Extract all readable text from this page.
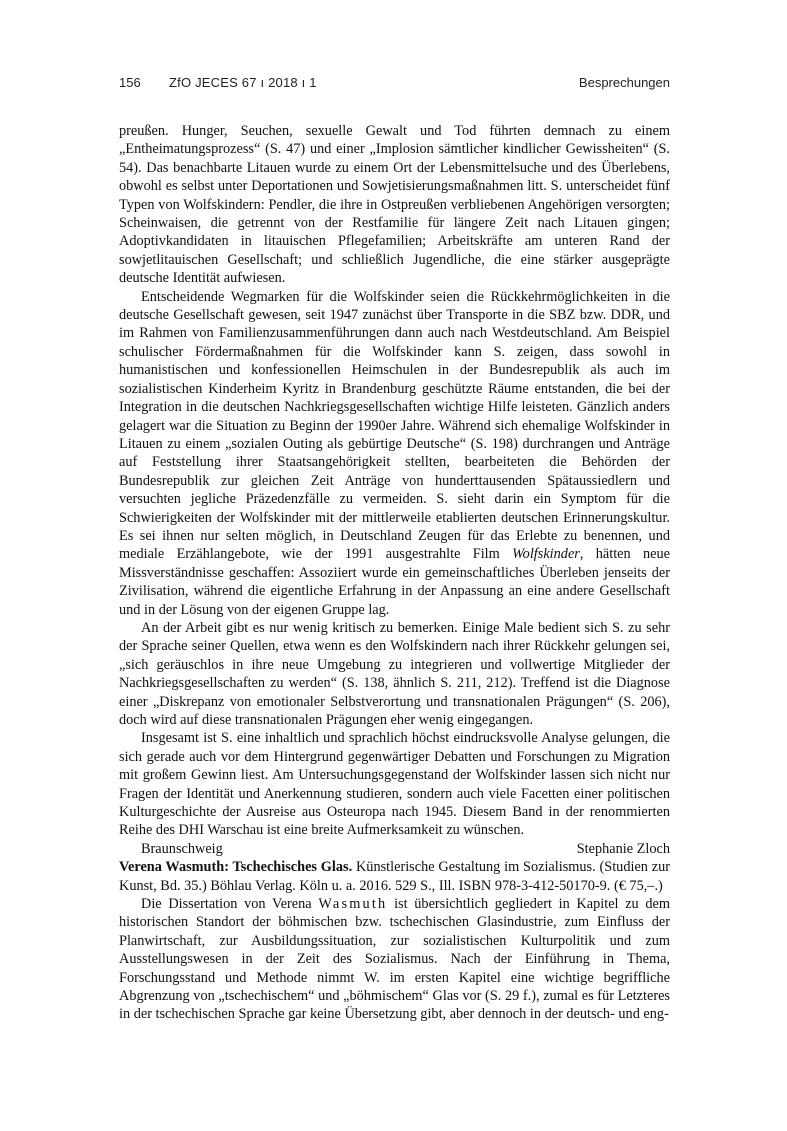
156 ZfO JECES 67 ı 2018 ı 1	Besprechungen

preußen. Hunger, Seuchen, sexuelle Gewalt und Tod führten demnach zu einem „Entheimatungsprozess“ (S. 47) und einer „Implosion sämtlicher kindlicher Gewissheiten“ (S. 54). Das benachbarte Litauen wurde zu einem Ort der Lebensmittelsuche und des Überlebens, obwohl es selbst unter Deportationen und Sowjetisierungsmaßnahmen litt. S. unterscheidet fünf Typen von Wolfskindern: Pendler, die ihre in Ostpreußen verbliebenen Angehörigen versorgten; Scheinwaisen, die getrennt von der Restfamilie für längere Zeit nach Litauen gingen; Adoptivkandidaten in litauischen Pflegefamilien; Arbeitskräfte am unteren Rand der sowjetlitauischen Gesellschaft; und schließlich Jugendliche, die eine stärker ausgeprägte deutsche Identität aufwiesen.

Entscheidende Wegmarken für die Wolfskinder seien die Rückkehrmöglichkeiten in die deutsche Gesellschaft gewesen, seit 1947 zunächst über Transporte in die SBZ bzw. DDR, und im Rahmen von Familienzusammenführungen dann auch nach Westdeutschland. Am Beispiel schulischer Fördermaßnahmen für die Wolfskinder kann S. zeigen, dass sowohl in humanistischen und konfessionellen Heimschulen in der Bundesrepublik als auch im sozialistischen Kinderheim Kyritz in Brandenburg geschützte Räume entstanden, die bei der Integration in die deutschen Nachkriegsgesellschaften wichtige Hilfe leisteten. Gänzlich anders gelagert war die Situation zu Beginn der 1990er Jahre. Während sich ehemalige Wolfskinder in Litauen zu einem „sozialen Outing als gebürtige Deutsche“ (S. 198) durchrangen und Anträge auf Feststellung ihrer Staatsangehörigkeit stellten, bearbeiteten die Behörden der Bundesrepublik zur gleichen Zeit Anträge von hunderttausenden Spätaussiedlern und versuchten jegliche Präzedenzfälle zu vermeiden. S. sieht darin ein Symptom für die Schwierigkeiten der Wolfskinder mit der mittlerweile etablierten deutschen Erinnerungskultur. Es sei ihnen nur selten möglich, in Deutschland Zeugen für das Erlebte zu benennen, und mediale Erzählangebote, wie der 1991 ausgestrahlte Film Wolfskinder, hätten neue Missverständnisse geschaffen: Assoziiert wurde ein gemeinschaftliches Überleben jenseits der Zivilisation, während die eigentliche Erfahrung in der Anpassung an eine andere Gesellschaft und in der Lösung von der eigenen Gruppe lag.

An der Arbeit gibt es nur wenig kritisch zu bemerken. Einige Male bedient sich S. zu sehr der Sprache seiner Quellen, etwa wenn es den Wolfskindern nach ihrer Rückkehr gelungen sei, „sich geräuschlos in ihre neue Umgebung zu integrieren und vollwertige Mitglieder der Nachkriegsgesellschaften zu werden“ (S. 138, ähnlich S. 211, 212). Treffend ist die Diagnose einer „Diskrepanz von emotionaler Selbstverortung und transnationalen Prägungen“ (S. 206), doch wird auf diese transnationalen Prägungen eher wenig eingegangen.

Insgesamt ist S. eine inhaltlich und sprachlich höchst eindrucksvolle Analyse gelungen, die sich gerade auch vor dem Hintergrund gegenwärtiger Debatten und Forschungen zu Migration mit großem Gewinn liest. Am Untersuchungsgegenstand der Wolfskinder lassen sich nicht nur Fragen der Identität und Anerkennung studieren, sondern auch viele Facetten einer politischen Kulturgeschichte der Ausreise aus Osteuropa nach 1945. Diesem Band in der renommierten Reihe des DHI Warschau ist eine breite Aufmerksamkeit zu wünschen.

Braunschweig	Stephanie Zloch

Verena Wasmuth: Tschechisches Glas. Künstlerische Gestaltung im Sozialismus. (Studien zur Kunst, Bd. 35.) Böhlau Verlag. Köln u. a. 2016. 529 S., Ill. ISBN 978-3-412-50170-9. (€ 75,–.)

Die Dissertation von Verena Wasmuth ist übersichtlich gegliedert in Kapitel zu dem historischen Standort der böhmischen bzw. tschechischen Glasindustrie, zum Einfluss der Planwirtschaft, zur Ausbildungssituation, zur sozialistischen Kulturpolitik und zum Ausstellungswesen in der Zeit des Sozialismus. Nach der Einführung in Thema, Forschungsstand und Methode nimmt W. im ersten Kapitel eine wichtige begriffliche Abgrenzung von „tschechischem“ und „böhmischem“ Glas vor (S. 29 f.), zumal es für Letzteres in der tschechischen Sprache gar keine Übersetzung gibt, aber dennoch in der deutsch- und eng-
